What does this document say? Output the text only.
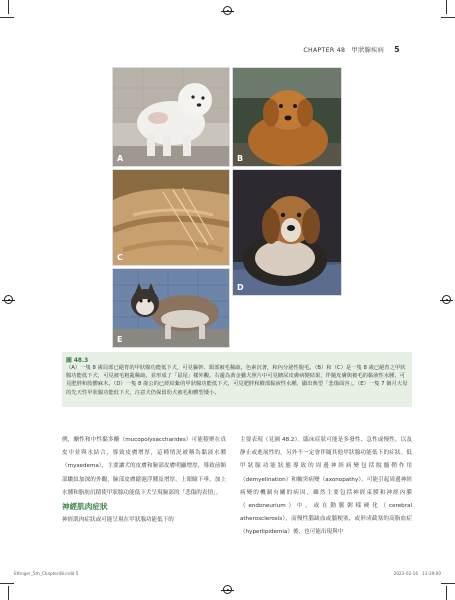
CHAPTER 48　甲狀腺疾病 5
A	B
C
D
E
圖 48.3
（A）一隻 8 歲局部已絕育的甲狀腺功能低下犬，可見軀幹、頸部被毛稀疏，色素沉著，和內分泌性脫毛。（B）和（C）是一隻 8 歲已絕育之甲狀腺功能低下犬，可見被毛粗亂稀疏，並形成了「鼠尾」樣外觀。右邊為黃金獵犬照片中可見糖尿皮膚病變結果，伴隨皮膚與被毛的黏液性水腫，可見肥胖和肢體麻木。（D）一隻 8 歲公的已經結紮的甲狀腺功能低下犬，可見肥胖和臉部黏液性水腫，顯出典型「悲傷面容」。（E）一隻 7 個月大母的先天性甲狀腺功能低下犬，注意犬仍保留幼犬被毛和體型矮小。
例，醣性和中性黏多醣（mucopolysaccharides）可能積聚在真皮中並與水結合，導致皮膚增厚，這種情況被稱為黏液水腫（myxedema），主要讓犬的皮膚和臉部皮膚明顯增厚，導致前額部皺紋加深的外觀，臉部皮膚鬆弛浮腫及增厚，上眼瞼下垂，加上水腫和脂肪沉積使甲狀腺功能低下犬呈現臉部的「悲傷的表情」。
神經肌肉症狀
神經肌肉症狀或可能呈現在甲狀腺功能低下的
主要表現（見圖 48.2）。臨床症狀可能是多發性、急性或慢性，以及靜止或進展性的，另外不一定會伴隨其他甲狀腺功能低下的症狀。低甲狀腺功能狀態導致的周邊神經病變包括脫髓鞘作用（demyelination）和軸突病變（axonopathy）。可能引起周邊神經病變的機制有關的病因，雖然主要包括神經束膜和神經內膜（endoneurium）中，或在動脈粥樣硬化（cerebral atherosclerosis），而慢性腦缺血或腦梗塞，或形成截塞的高脂血症（hyperlipidemia）後，也可能出現與中
Ettinger_5th_Chapter48.indd 5	2023-02-16　13:39:00
